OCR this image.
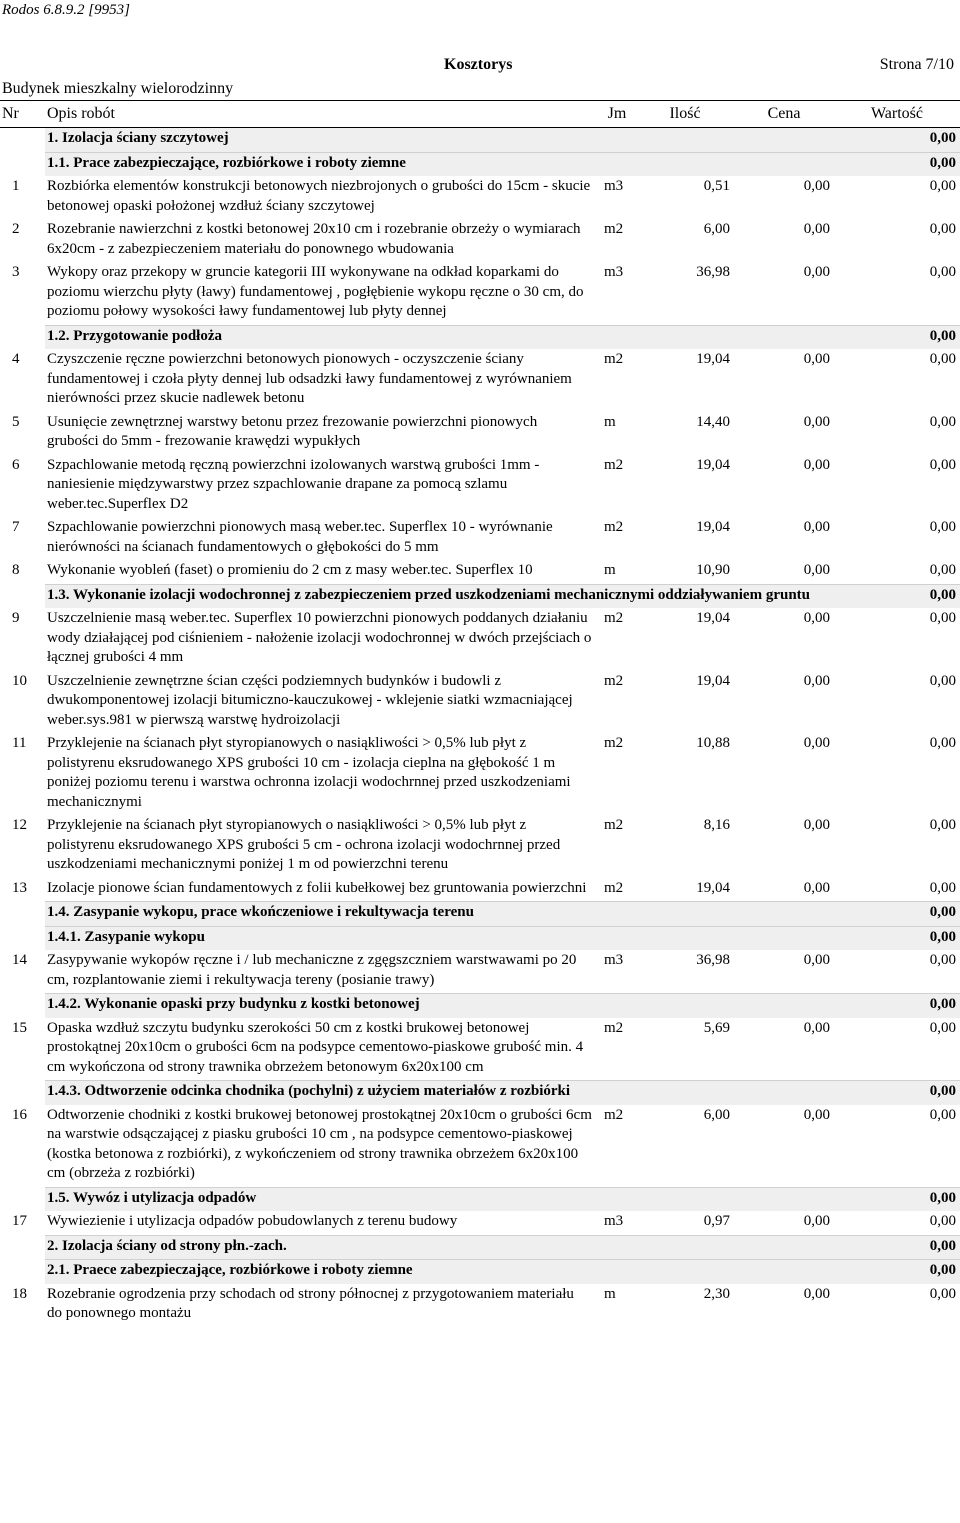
Rodos 6.8.9.2 [9953]
Kosztorys	Strona 7/10
Budynek mieszkalny wielorodzinny
Nr	Opis robót	Jm	Ilość	Cena	Wartość
	1. Izolacja ściany szczytowej				0,00
	1.1. Prace zabezpieczające, rozbiórkowe i roboty ziemne				0,00
1	Rozbiórka elementów konstrukcji betonowych niezbrojonych o grubości do 15cm - skucie betonowej opaski położonej wzdłuż ściany szczytowej	m3	0,51	0,00	0,00
2	Rozebranie nawierzchni z kostki betonowej 20x10 cm i rozebranie obrzeży o wymiarach 6x20cm - z zabezpieczeniem materiału do ponownego wbudowania	m2	6,00	0,00	0,00
3	Wykopy oraz przekopy w gruncie kategorii III wykonywane na odkład koparkami do poziomu wierzchu płyty (ławy) fundamentowej , pogłębienie wykopu ręczne o 30 cm, do poziomu połowy wysokości ławy fundamentowej lub płyty dennej	m3	36,98	0,00	0,00
	1.2. Przygotowanie podłoża				0,00
4	Czyszczenie ręczne powierzchni betonowych pionowych - oczyszczenie ściany fundamentowej i czoła płyty dennej lub odsadzki ławy fundamentowej z wyrównaniem nierówności przez skucie nadlewek betonu	m2	19,04	0,00	0,00
5	Usunięcie zewnętrznej warstwy betonu przez frezowanie powierzchni pionowych grubości do 5mm - frezowanie krawędzi wypukłych	m	14,40	0,00	0,00
6	Szpachlowanie metodą ręczną powierzchni izolowanych warstwą grubości 1mm - naniesienie międzywarstwy przez szpachlowanie drapane za pomocą szlamu weber.tec.Superflex D2	m2	19,04	0,00	0,00
7	Szpachlowanie powierzchni pionowych masą weber.tec. Superflex 10 - wyrównanie nierówności na ścianach fundamentowych o głębokości do 5 mm	m2	19,04	0,00	0,00
8	Wykonanie wyobleń (faset) o promieniu do 2 cm z masy weber.tec. Superflex 10	m	10,90	0,00	0,00
	1.3. Wykonanie izolacji wodochronnej z zabezpieczeniem przed uszkodzeniami mechanicznymi oddziaływaniem gruntu				0,00
9	Uszczelnienie masą weber.tec. Superflex 10 powierzchni pionowych poddanych działaniu wody działającej pod ciśnieniem - nałożenie izolacji wodochronnej w dwóch przejściach o łącznej grubości 4 mm	m2	19,04	0,00	0,00
10	Uszczelnienie zewnętrzne ścian części podziemnych budynków i budowli z dwukomponentowej izolacji bitumiczno-kauczukowej - wklejenie siatki wzmacniającej weber.sys.981 w pierwszą warstwę hydroizolacji	m2	19,04	0,00	0,00
11	Przyklejenie na ścianach płyt styropianowych o nasiąkliwości > 0,5% lub płyt z polistyrenu eksrudowanego XPS grubości 10 cm - izolacja cieplna na głębokość 1 m poniżej poziomu terenu i warstwa ochronna izolacji wodochrnnej przed uszkodzeniami mechanicznymi	m2	10,88	0,00	0,00
12	Przyklejenie na ścianach płyt styropianowych o nasiąkliwości > 0,5% lub płyt z polistyrenu eksrudowanego XPS grubości 5 cm - ochrona izolacji wodochrnnej przed uszkodzeniami mechanicznymi poniżej 1 m od powierzchni terenu	m2	8,16	0,00	0,00
13	Izolacje pionowe ścian fundamentowych z folii kubełkowej bez gruntowania powierzchni	m2	19,04	0,00	0,00
	1.4. Zasypanie wykopu, prace wkończeniowe i rekultywacja terenu				0,00
	1.4.1. Zasypanie wykopu				0,00
14	Zasypywanie wykopów ręczne i / lub mechaniczne z zgęgszczniem warstwawami po 20 cm, rozplantowanie ziemi i rekultywacja tereny (posianie trawy)	m3	36,98	0,00	0,00
	1.4.2. Wykonanie opaski przy budynku z kostki betonowej				0,00
15	Opaska wzdłuż szczytu budynku szerokości 50 cm z kostki brukowej betonowej prostokątnej 20x10cm o grubości 6cm na podsypce cementowo-piaskowe grubość min. 4 cm wykończona od strony trawnika obrzeżem betonowym 6x20x100 cm	m2	5,69	0,00	0,00
	1.4.3. Odtworzenie odcinka chodnika (pochylni) z użyciem materiałów z rozbiórki				0,00
16	Odtworzenie chodniki z kostki brukowej betonowej prostokątnej 20x10cm o grubości 6cm na warstwie odsączającej z piasku grubości 10 cm , na podsypce cementowo-piaskowej (kostka betonowa z rozbiórki), z wykończeniem od strony trawnika obrzeżem 6x20x100 cm (obrzeża z rozbiórki)	m2	6,00	0,00	0,00
	1.5. Wywóz i utylizacja odpadów				0,00
17	Wywiezienie i utylizacja odpadów pobudowlanych z terenu budowy	m3	0,97	0,00	0,00
	2. Izolacja ściany od strony płn.-zach.				0,00
	2.1. Praece zabezpieczające, rozbiórkowe i roboty ziemne				0,00
18	Rozebranie ogrodzenia przy schodach od strony północnej z przygotowaniem materiału do ponownego montażu	m	2,30	0,00	0,00
